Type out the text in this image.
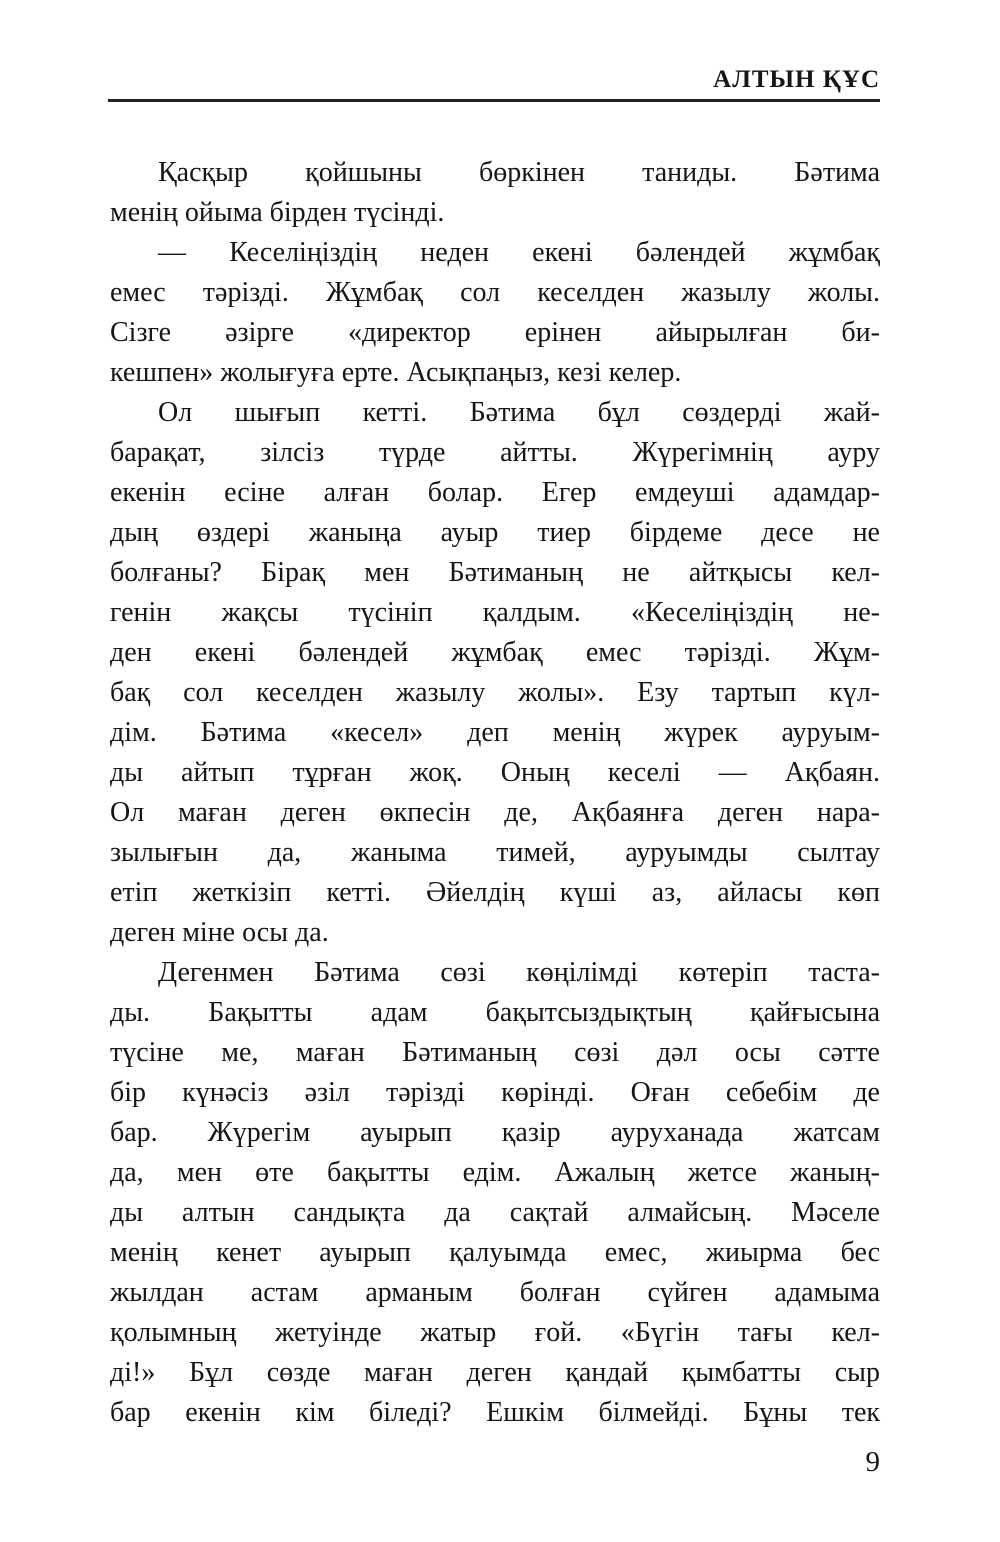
АЛТЫН ҚҰС
Қасқыр қойшыны бөркінен таниды. Бәтима
менің ойыма бірден түсінді.
— Кеселіңіздің неден екені бәлендей жұмбақ
емес тәрізді. Жұмбақ сол кеселден жазылу жолы.
Сізге әзірге «директор ерінен айырылған би-
кешпен» жолығуға ерте. Асықпаңыз, кезі келер.
Ол шығып кетті. Бәтима бұл сөздерді жай-
барақат, зілсіз түрде айтты. Жүрегімнің ауру
екенін есіне алған болар. Егер емдеуші адамдар-
дың өздері жаныңа ауыр тиер бірдеме десе не
болғаны? Бірақ мен Бәтиманың не айтқысы кел-
генін жақсы түсініп қалдым. «Кеселіңіздің не-
ден екені бәлендей жұмбақ емес тәрізді. Жұм-
бақ сол кеселден жазылу жолы». Езу тартып күл-
дім. Бәтима «кесел» деп менің жүрек ауруым-
ды айтып тұрған жоқ. Оның кеселі — Ақбаян.
Ол маған деген өкпесін де, Ақбаянға деген нара-
зылығын да, жаныма тимей, ауруымды сылтау
етіп жеткізіп кетті. Әйелдің күші аз, айласы көп
деген міне осы да.
Дегенмен Бәтима сөзі көңілімді көтеріп таста-
ды. Бақытты адам бақытсыздықтың қайғысына
түсіне ме, маған Бәтиманың сөзі дәл осы сәтте
бір күнәсіз әзіл тәрізді көрінді. Оған себебім де
бар. Жүрегім ауырып қазір ауруханада жатсам
да, мен өте бақытты едім. Ажалың жетсе жаның-
ды алтын сандықта да сақтай алмайсың. Мәселе
менің кенет ауырып қалуымда емес, жиырма бес
жылдан астам арманым болған сүйген адамыма
қолымның жетуінде жатыр ғой. «Бүгін тағы кел-
ді!» Бұл сөзде маған деген қандай қымбатты сыр
бар екенін кім біледі? Ешкім білмейді. Бұны тек
9
